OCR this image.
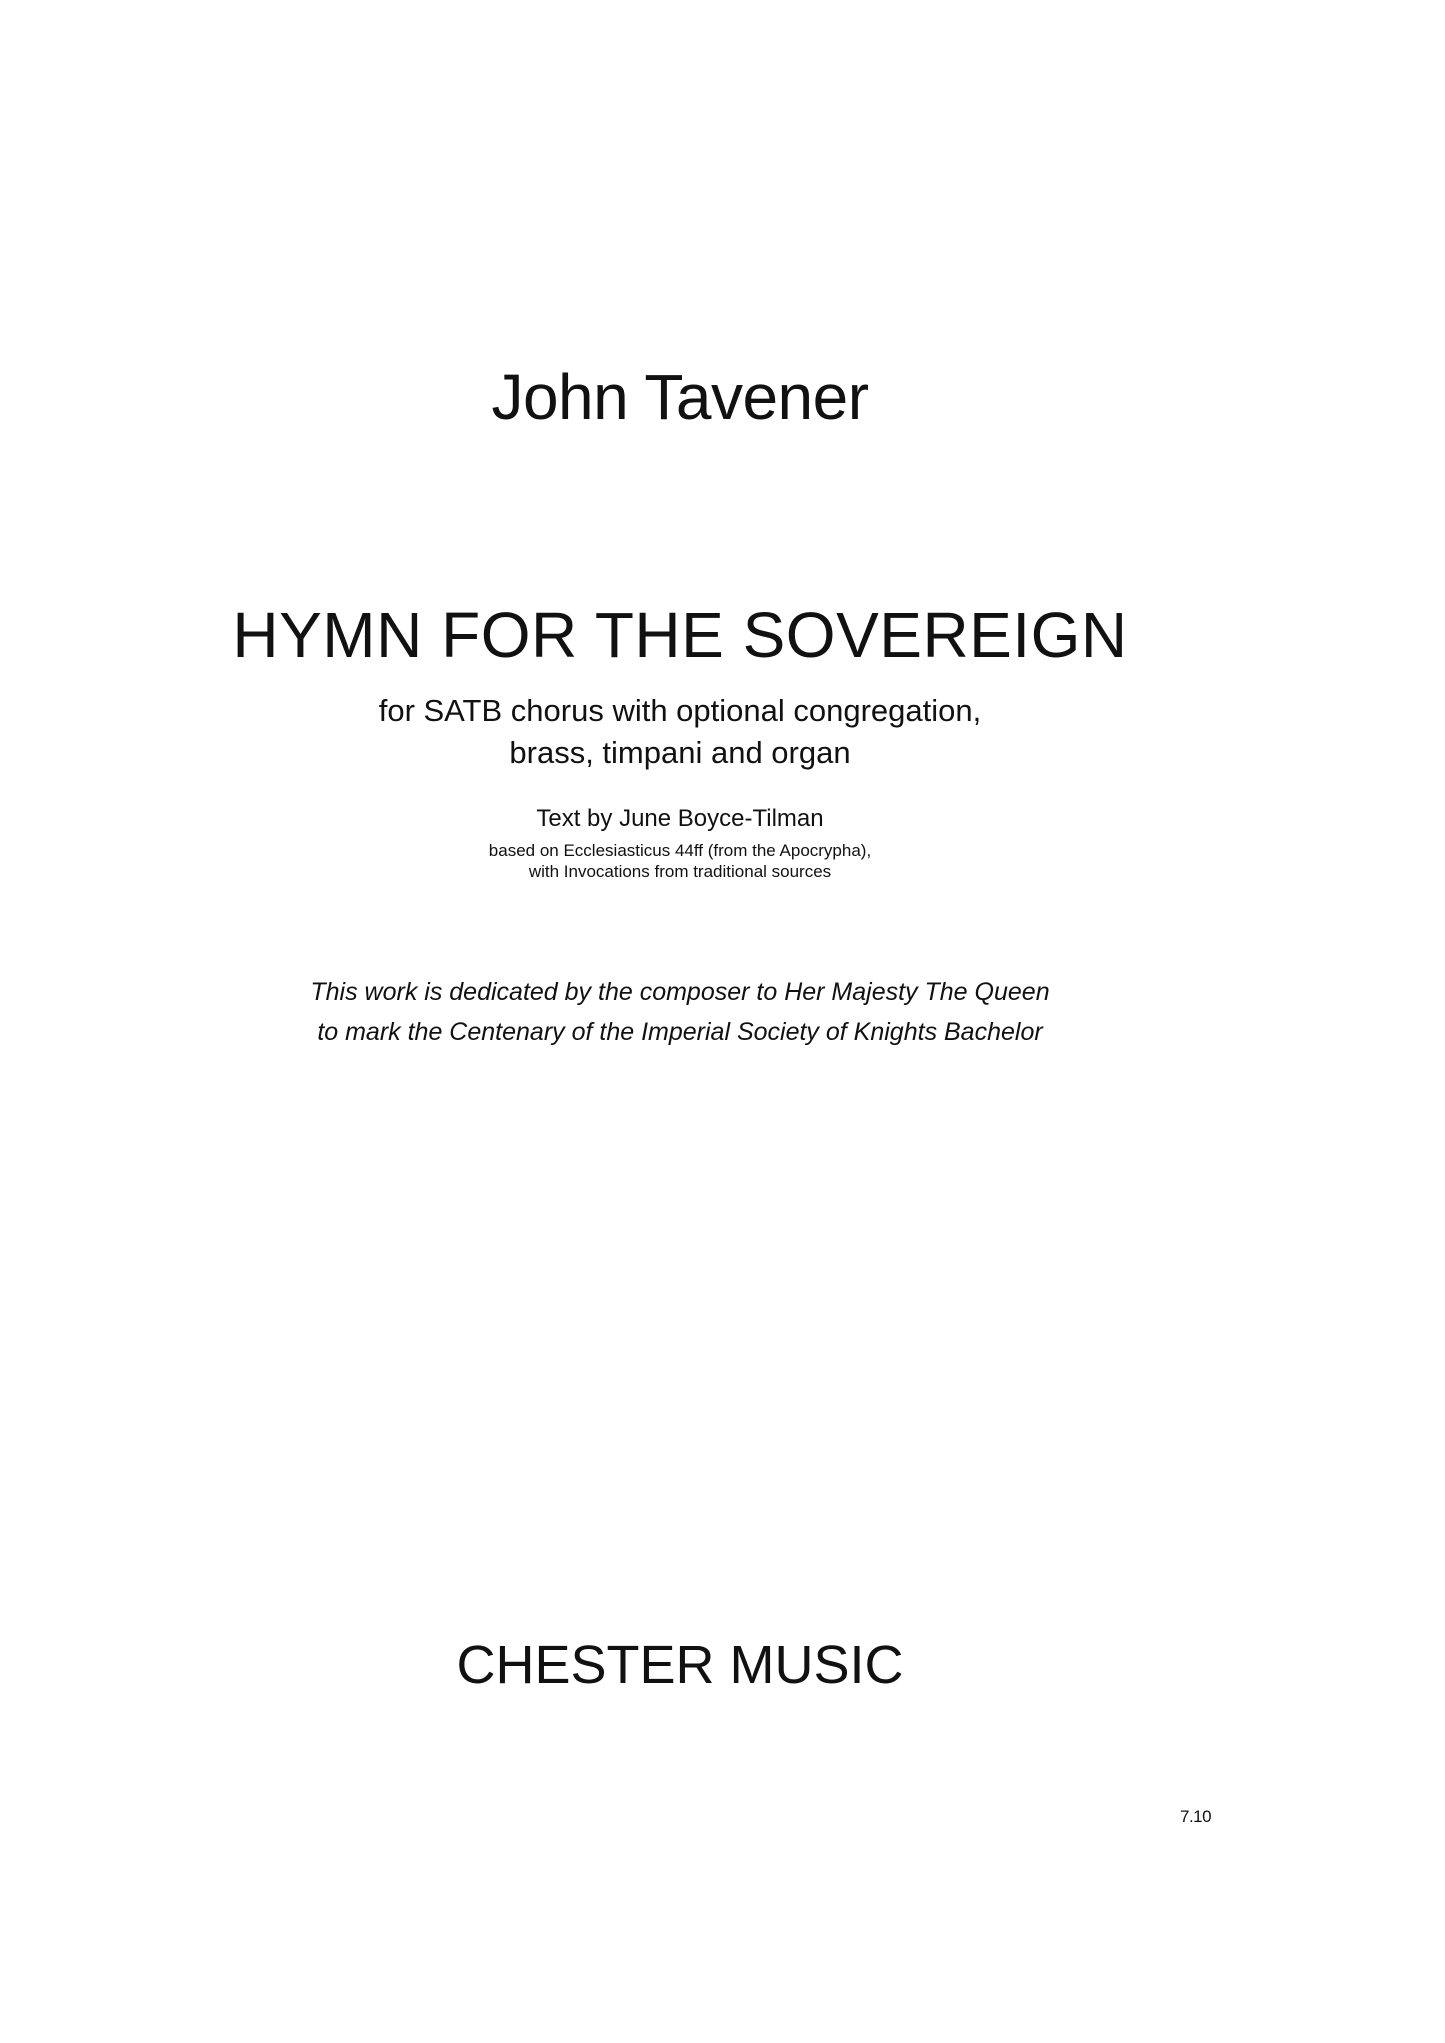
John Tavener
HYMN FOR THE SOVEREIGN
for SATB chorus with optional congregation,
brass, timpani and organ
Text by June Boyce-Tilman
based on Ecclesiasticus 44ff (from the Apocrypha),
with Invocations from traditional sources
This work is dedicated by the composer to Her Majesty The Queen
to mark the Centenary of the Imperial Society of Knights Bachelor
CHESTER MUSIC
7.10
